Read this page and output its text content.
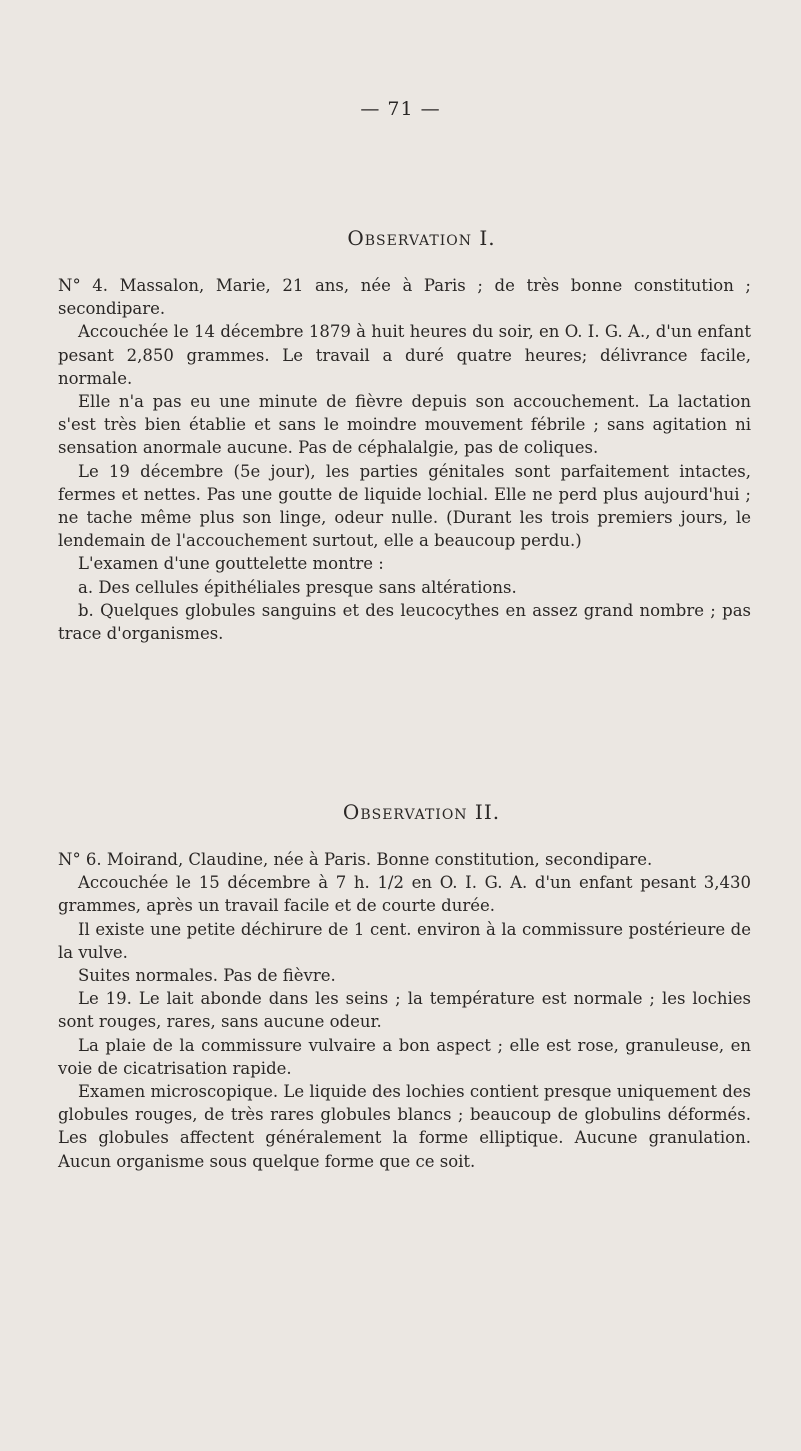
— 71 —
Observation I.

N° 4. Massalon, Marie, 21 ans, née à Paris ; de très bonne constitution ; secondipare.

Accouchée le 14 décembre 1879 à huit heures du soir, en O. I. G. A., d'un enfant pesant 2,850 grammes. Le travail a duré quatre heures; délivrance facile, normale.

Elle n'a pas eu une minute de fièvre depuis son accouchement. La lactation s'est très bien établie et sans le moindre mouvement fébrile ; sans agitation ni sensation anormale aucune. Pas de céphalalgie, pas de coliques.

Le 19 décembre (5e jour), les parties génitales sont parfaitement intactes, fermes et nettes. Pas une goutte de liquide lochial. Elle ne perd plus aujourd'hui ; ne tache même plus son linge, odeur nulle. (Durant les trois premiers jours, le lendemain de l'accouchement surtout, elle a beaucoup perdu.)

L'examen d'une gouttelette montre :

a. Des cellules épithéliales presque sans altérations.

b. Quelques globules sanguins et des leucocythes en assez grand nombre ; pas trace d'organismes.

Observation II.

N° 6. Moirand, Claudine, née à Paris. Bonne constitution, secondipare.

Accouchée le 15 décembre à 7 h. 1/2 en O. I. G. A. d'un enfant pesant 3,430 grammes, après un travail facile et de courte durée.

Il existe une petite déchirure de 1 cent. environ à la commissure postérieure de la vulve.

Suites normales. Pas de fièvre.

Le 19. Le lait abonde dans les seins ; la température est normale ; les lochies sont rouges, rares, sans aucune odeur.

La plaie de la commissure vulvaire a bon aspect ; elle est rose, granuleuse, en voie de cicatrisation rapide.

Examen microscopique. Le liquide des lochies contient presque uniquement des globules rouges, de très rares globules blancs ; beaucoup de globulins déformés. Les globules affectent généralement la forme elliptique. Aucune granulation. Aucun organisme sous quelque forme que ce soit.
